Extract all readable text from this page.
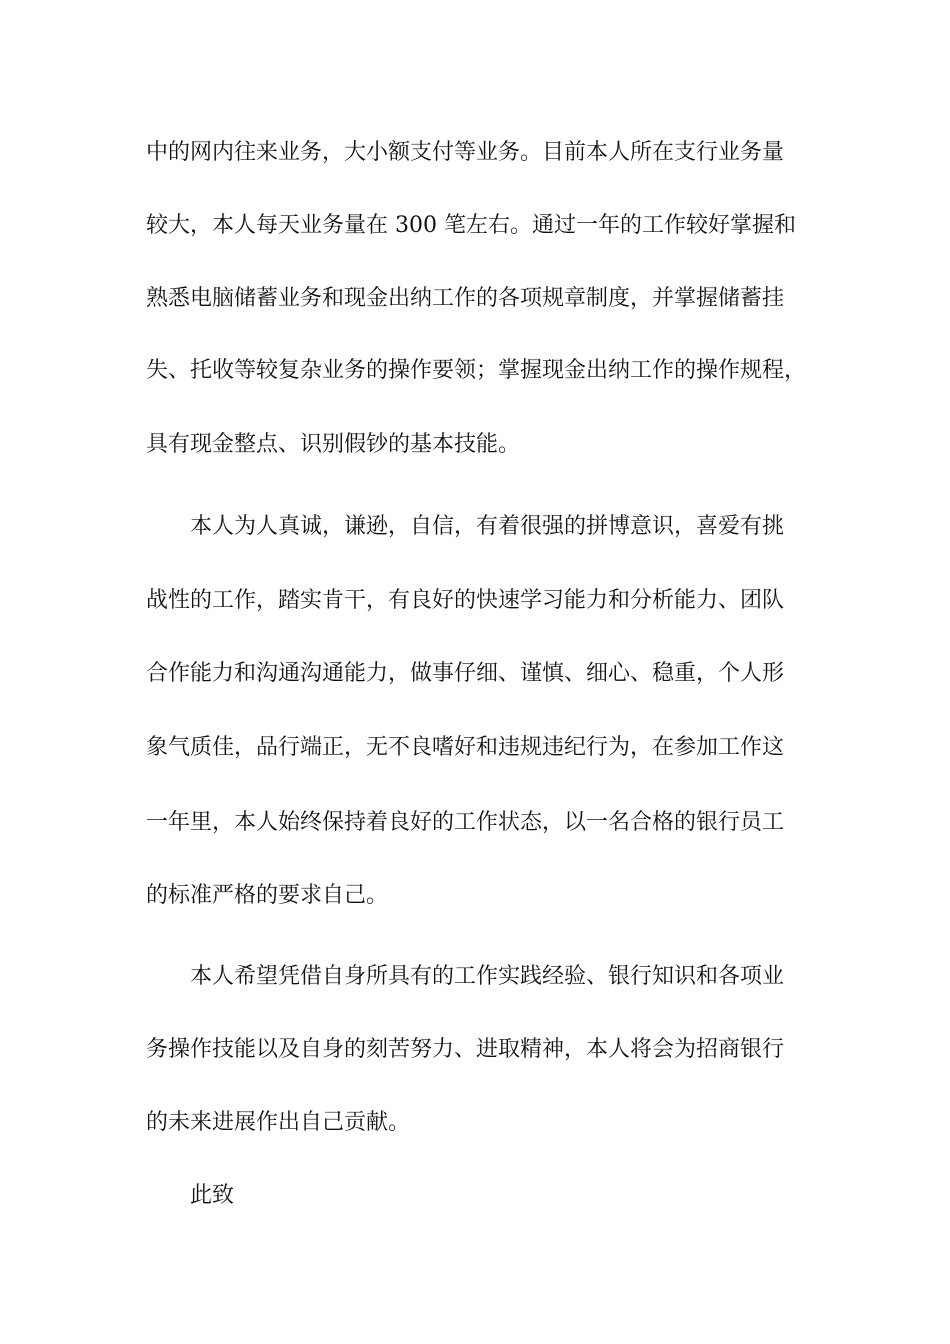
中的网内往来业务，大小额支付等业务。目前本人所在支行业务量
较大，本人每天业务量在 300 笔左右。通过一年的工作较好掌握和
熟悉电脑储蓄业务和现金出纳工作的各项规章制度，并掌握储蓄挂
失、托收等较复杂业务的操作要领；掌握现金出纳工作的操作规程，
具有现金整点、识别假钞的基本技能。
本人为人真诚，谦逊，自信，有着很强的拼博意识，喜爱有挑
战性的工作，踏实肯干，有良好的快速学习能力和分析能力、团队
合作能力和沟通沟通能力，做事仔细、谨慎、细心、稳重，个人形
象气质佳，品行端正，无不良嗜好和违规违纪行为，在参加工作这
一年里，本人始终保持着良好的工作状态，以一名合格的银行员工
的标准严格的要求自己。
本人希望凭借自身所具有的工作实践经验、银行知识和各项业
务操作技能以及自身的刻苦努力、进取精神，本人将会为招商银行
的未来进展作出自己贡献。
此致
